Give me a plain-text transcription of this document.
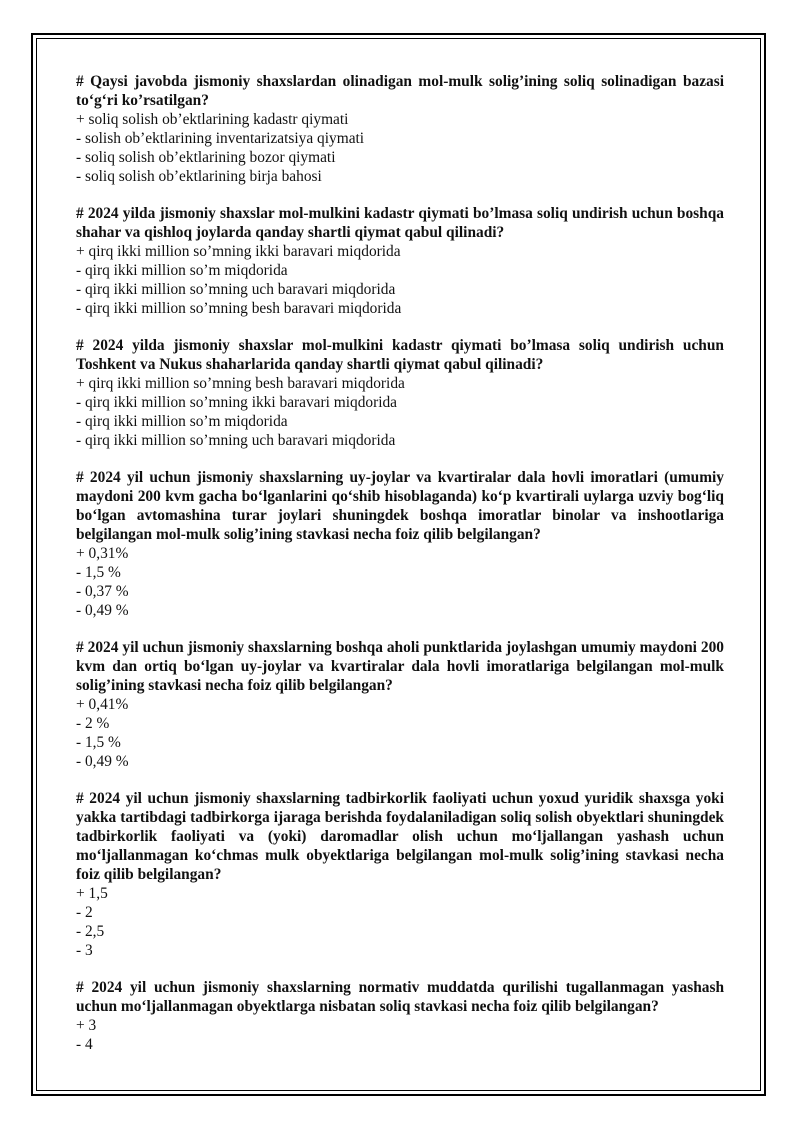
# Qaysi javobda jismoniy shaxslardan olinadigan mol-mulk solig’ining soliq solinadigan bazasi to‘g‘ri ko’rsatilgan?

+ soliq solish ob’ektlarining kadastr qiymati

- solish ob’ektlarining inventarizatsiya qiymati

- soliq solish ob’ektlarining bozor qiymati

- soliq solish ob’ektlarining birja bahosi

# 2024 yilda jismoniy shaxslar mol-mulkini kadastr qiymati bo’lmasa soliq undirish uchun boshqa shahar va qishloq joylarda qanday shartli qiymat qabul qilinadi?

+ qirq ikki million so’mning ikki baravari miqdorida

- qirq ikki million so’m miqdorida

- qirq ikki million so’mning uch baravari miqdorida

- qirq ikki million so’mning besh baravari miqdorida

# 2024 yilda jismoniy shaxslar mol-mulkini kadastr qiymati bo’lmasa soliq undirish uchun Toshkent va Nukus shaharlarida qanday shartli qiymat qabul qilinadi?

+ qirq ikki million so’mning besh baravari miqdorida

- qirq ikki million so’mning ikki baravari miqdorida

- qirq ikki million so’m miqdorida

- qirq ikki million so’mning uch baravari miqdorida

# 2024 yil uchun jismoniy shaxslarning uy-joylar va kvartiralar dala hovli imoratlari (umumiy maydoni 200 kvm gacha bo‘lganlarini qo‘shib hisoblaganda) ko‘p kvartirali uylarga uzviy bog‘liq bo‘lgan avtomashina turar joylari shuningdek boshqa imoratlar binolar va inshootlariga belgilangan mol-mulk solig’ining stavkasi necha foiz qilib belgilangan?

+ 0,31%

- 1,5 %

- 0,37 %

- 0,49 %

# 2024 yil uchun jismoniy shaxslarning boshqa aholi punktlarida joylashgan umumiy maydoni 200 kvm dan ortiq bo‘lgan uy-joylar va kvartiralar dala hovli imoratlariga belgilangan mol-mulk solig’ining stavkasi necha foiz qilib belgilangan?

+ 0,41%

- 2 %

- 1,5 %

- 0,49 %

# 2024 yil uchun jismoniy shaxslarning tadbirkorlik faoliyati uchun yoxud yuridik shaxsga yoki yakka tartibdagi tadbirkorga ijaraga berishda foydalaniladigan soliq solish obyektlari shuningdek tadbirkorlik faoliyati va (yoki) daromadlar olish uchun mo‘ljallangan yashash uchun mo‘ljallanmagan ko‘chmas mulk obyektlariga belgilangan mol-mulk solig’ining stavkasi necha foiz qilib belgilangan?

+ 1,5

- 2

- 2,5

- 3

# 2024 yil uchun jismoniy shaxslarning normativ muddatda qurilishi tugallanmagan yashash uchun mo‘ljallanmagan obyektlarga nisbatan soliq stavkasi necha foiz qilib belgilangan?

+ 3

- 4
